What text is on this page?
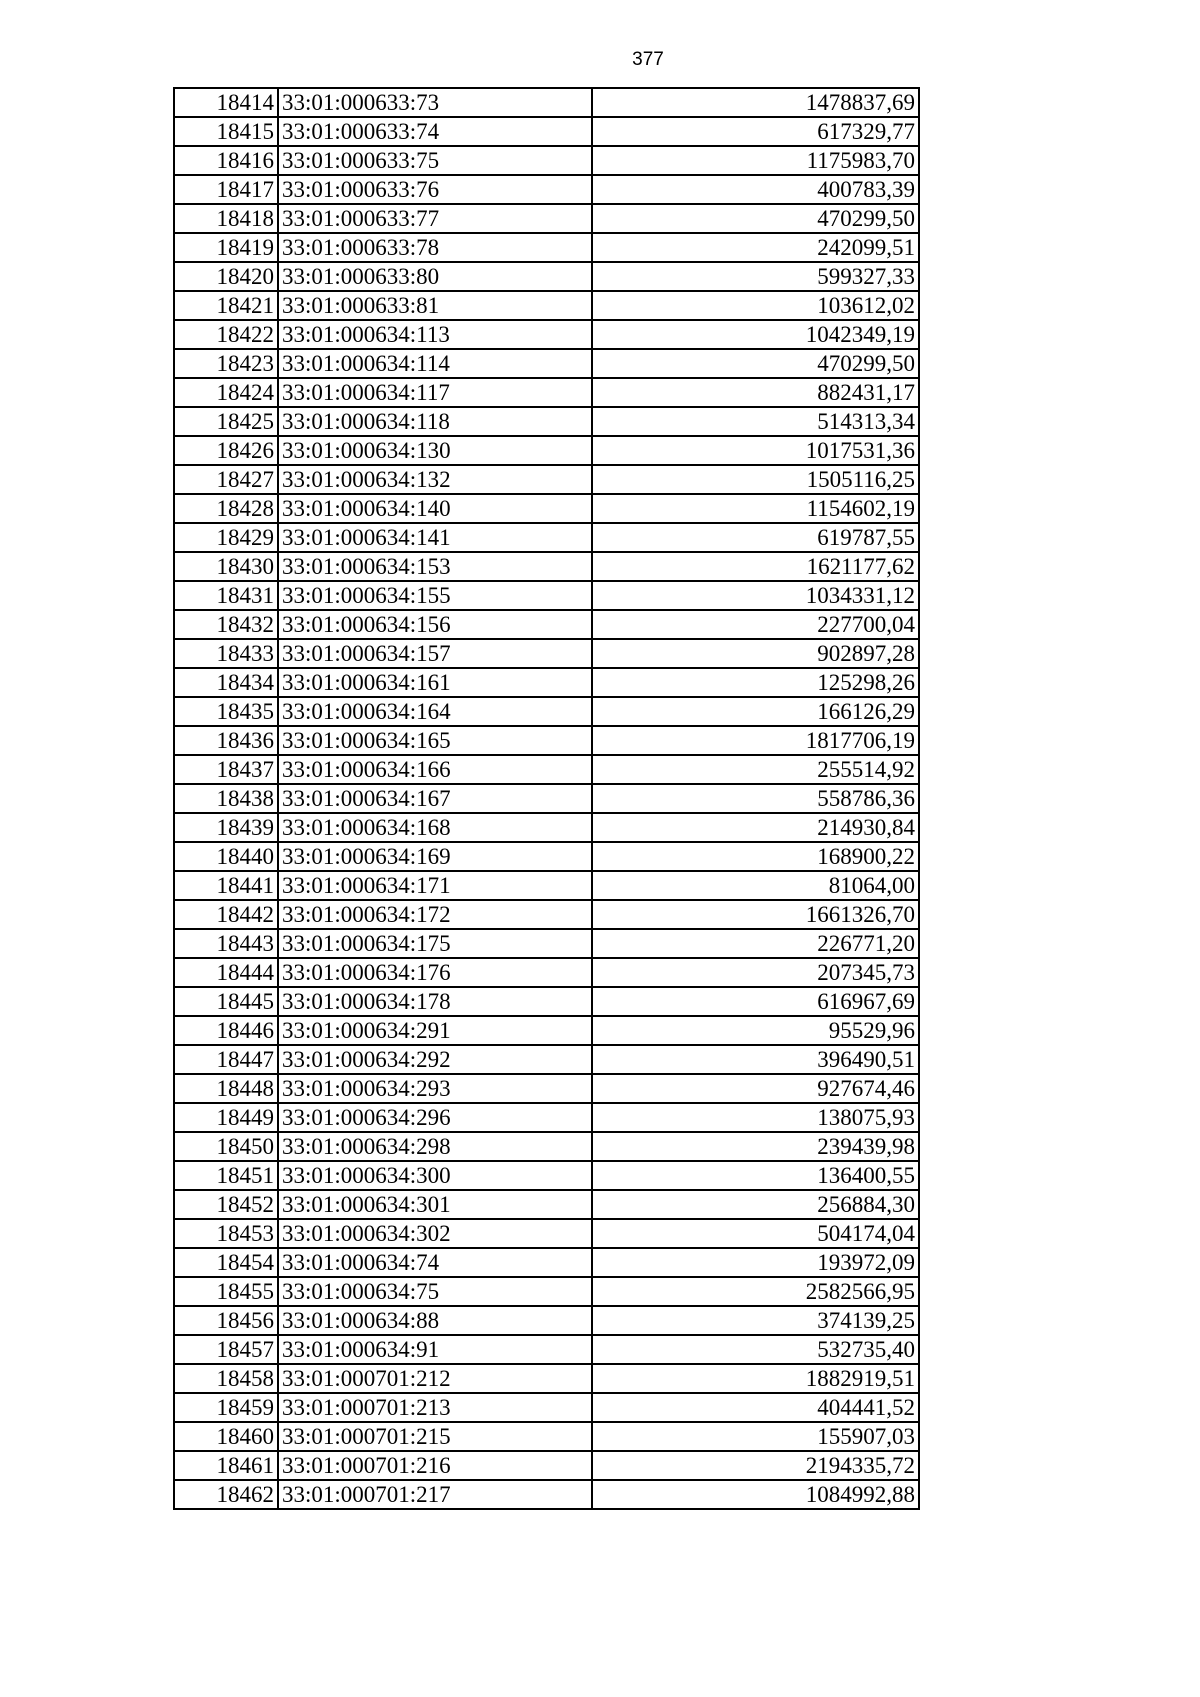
377
18414	33:01:000633:73	1478837,69
18415	33:01:000633:74	617329,77
18416	33:01:000633:75	1175983,70
18417	33:01:000633:76	400783,39
18418	33:01:000633:77	470299,50
18419	33:01:000633:78	242099,51
18420	33:01:000633:80	599327,33
18421	33:01:000633:81	103612,02
18422	33:01:000634:113	1042349,19
18423	33:01:000634:114	470299,50
18424	33:01:000634:117	882431,17
18425	33:01:000634:118	514313,34
18426	33:01:000634:130	1017531,36
18427	33:01:000634:132	1505116,25
18428	33:01:000634:140	1154602,19
18429	33:01:000634:141	619787,55
18430	33:01:000634:153	1621177,62
18431	33:01:000634:155	1034331,12
18432	33:01:000634:156	227700,04
18433	33:01:000634:157	902897,28
18434	33:01:000634:161	125298,26
18435	33:01:000634:164	166126,29
18436	33:01:000634:165	1817706,19
18437	33:01:000634:166	255514,92
18438	33:01:000634:167	558786,36
18439	33:01:000634:168	214930,84
18440	33:01:000634:169	168900,22
18441	33:01:000634:171	81064,00
18442	33:01:000634:172	1661326,70
18443	33:01:000634:175	226771,20
18444	33:01:000634:176	207345,73
18445	33:01:000634:178	616967,69
18446	33:01:000634:291	95529,96
18447	33:01:000634:292	396490,51
18448	33:01:000634:293	927674,46
18449	33:01:000634:296	138075,93
18450	33:01:000634:298	239439,98
18451	33:01:000634:300	136400,55
18452	33:01:000634:301	256884,30
18453	33:01:000634:302	504174,04
18454	33:01:000634:74	193972,09
18455	33:01:000634:75	2582566,95
18456	33:01:000634:88	374139,25
18457	33:01:000634:91	532735,40
18458	33:01:000701:212	1882919,51
18459	33:01:000701:213	404441,52
18460	33:01:000701:215	155907,03
18461	33:01:000701:216	2194335,72
18462	33:01:000701:217	1084992,88
